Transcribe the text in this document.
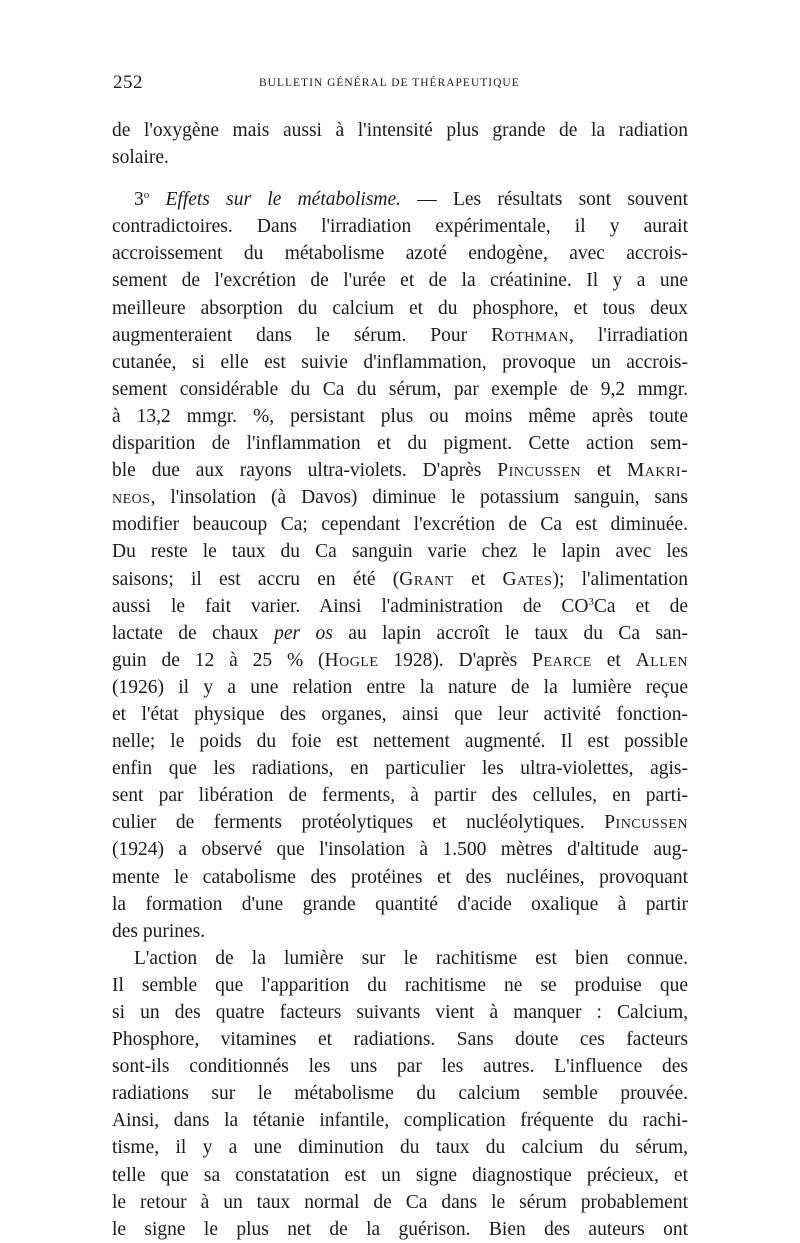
252	BULLETIN GÉNÉRAL DE THÉRAPEUTIQUE
de l'oxygène mais aussi à l'intensité plus grande de la radiation
solaire.
3$^o$ Effets sur le métabolisme. — Les résultats sont souvent
contradictoires. Dans l'irradiation expérimentale, il y aurait
accroissement du métabolisme azoté endogène, avec accrois-
sement de l'excrétion de l'urée et de la créatinine. Il y a une
meilleure absorption du calcium et du phosphore, et tous deux
augmenteraient dans le sérum. Pour Rothman, l'irradiation
cutanée, si elle est suivie d'inflammation, provoque un accrois-
sement considérable du Ca du sérum, par exemple de 9,2 mmgr.
à 13,2 mmgr. %, persistant plus ou moins même après toute
disparition de l'inflammation et du pigment. Cette action sem-
ble due aux rayons ultra-violets. D'après Pincussen et Makri-
neos, l'insolation (à Davos) diminue le potassium sanguin, sans
modifier beaucoup Ca; cependant l'excrétion de Ca est diminuée.
Du reste le taux du Ca sanguin varie chez le lapin avec les
saisons; il est accru en été (Grant et Gates); l'alimentation
aussi le fait varier. Ainsi l'administration de $CO^3Ca$ et de
lactate de chaux per os au lapin accroît le taux du Ca san-
guin de 12 à 25 % (Hogle 1928). D'après Pearce et Allen
(1926) il y a une relation entre la nature de la lumière reçue
et l'état physique des organes, ainsi que leur activité fonction-
nelle; le poids du foie est nettement augmenté. Il est possible
enfin que les radiations, en particulier les ultra-violettes, agis-
sent par libération de ferments, à partir des cellules, en parti-
culier de ferments protéolytiques et nucléolytiques. Pincussen
(1924) a observé que l'insolation à 1.500 mètres d'altitude aug-
mente le catabolisme des protéines et des nucléines, provoquant
la formation d'une grande quantité d'acide oxalique à partir
des purines.
L'action de la lumière sur le rachitisme est bien connue.
Il semble que l'apparition du rachitisme ne se produise que
si un des quatre facteurs suivants vient à manquer : Calcium,
Phosphore, vitamines et radiations. Sans doute ces facteurs
sont-ils conditionnés les uns par les autres. L'influence des
radiations sur le métabolisme du calcium semble prouvée.
Ainsi, dans la tétanie infantile, complication fréquente du rachi-
tisme, il y a une diminution du taux du calcium du sérum,
telle que sa constatation est un signe diagnostique précieux, et
le retour à un taux normal de Ca dans le sérum probablement
le signe le plus net de la guérison. Bien des auteurs ont
